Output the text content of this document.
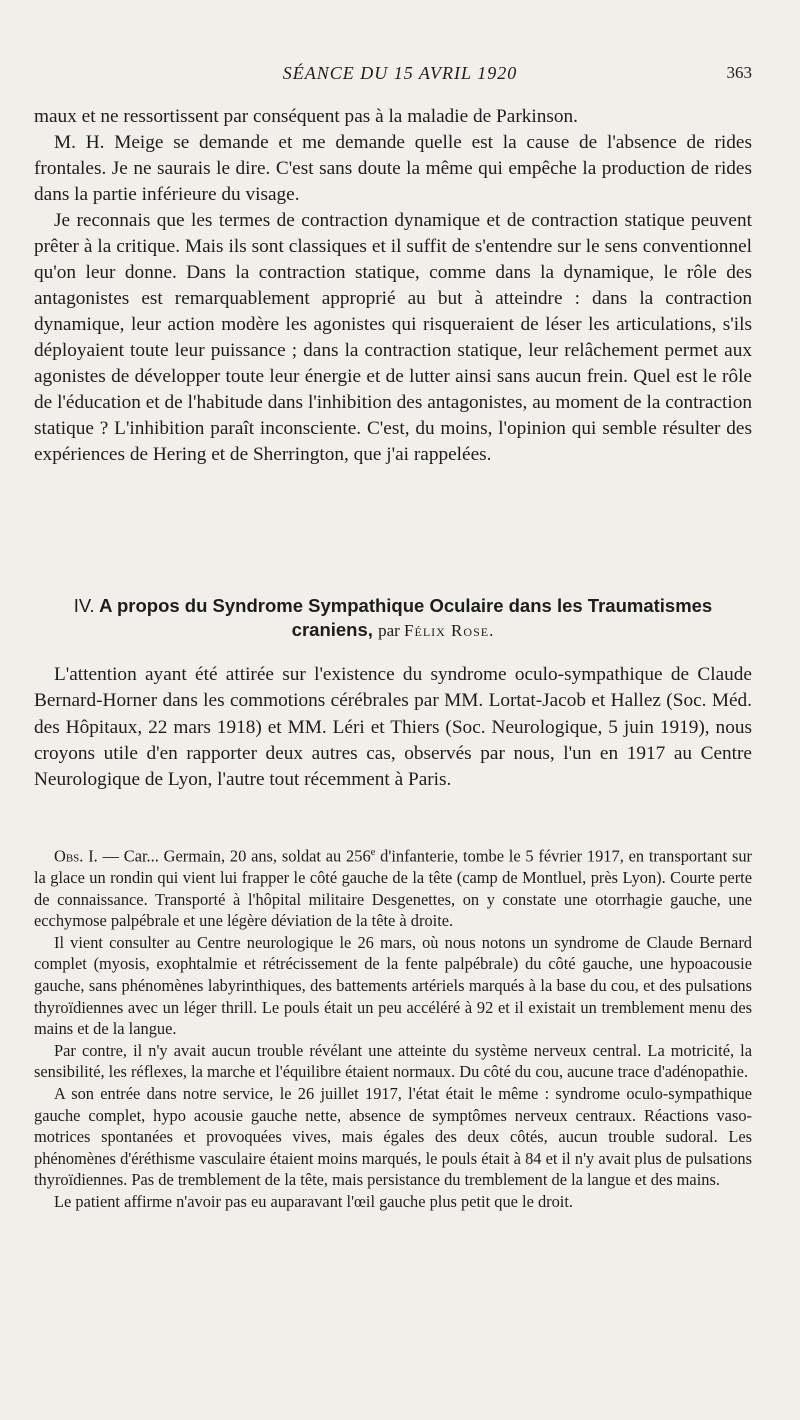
SÉANCE DU 15 AVRIL 1920	363

maux et ne ressortissent par conséquent pas à la maladie de Parkinson.

M. H. Meige se demande et me demande quelle est la cause de l'absence de rides frontales. Je ne saurais le dire. C'est sans doute la même qui empêche la production de rides dans la partie inférieure du visage.

Je reconnais que les termes de contraction dynamique et de contraction statique peuvent prêter à la critique. Mais ils sont classiques et il suffit de s'entendre sur le sens conventionnel qu'on leur donne. Dans la contraction statique, comme dans la dynamique, le rôle des antagonistes est remarquablement approprié au but à atteindre : dans la contraction dynamique, leur action modère les agonistes qui risqueraient de léser les articulations, s'ils déployaient toute leur puissance ; dans la contraction statique, leur relâchement permet aux agonistes de développer toute leur énergie et de lutter ainsi sans aucun frein. Quel est le rôle de l'éducation et de l'habitude dans l'inhibition des antagonistes, au moment de la contraction statique ? L'inhibition paraît inconsciente. C'est, du moins, l'opinion qui semble résulter des expériences de Hering et de Sherrington, que j'ai rappelées.

IV. A propos du Syndrome Sympathique Oculaire dans les Traumatismes craniens, par Félix Rose.

L'attention ayant été attirée sur l'existence du syndrome oculo-sympathique de Claude Bernard-Horner dans les commotions cérébrales par MM. Lortat-Jacob et Hallez (Soc. Méd. des Hôpitaux, 22 mars 1918) et MM. Léri et Thiers (Soc. Neurologique, 5 juin 1919), nous croyons utile d'en rapporter deux autres cas, observés par nous, l'un en 1917 au Centre Neurologique de Lyon, l'autre tout récemment à Paris.

Obs. I. — Car... Germain, 20 ans, soldat au 256e d'infanterie, tombe le 5 février 1917, en transportant sur la glace un rondin qui vient lui frapper le côté gauche de la tête (camp de Montluel, près Lyon). Courte perte de connaissance. Transporté à l'hôpital militaire Desgenettes, on y constate une otorrhagie gauche, une ecchymose palpébrale et une légère déviation de la tête à droite.

Il vient consulter au Centre neurologique le 26 mars, où nous notons un syndrome de Claude Bernard complet (myosis, exophtalmie et rétrécissement de la fente palpébrale) du côté gauche, une hypoacousie gauche, sans phénomènes labyrinthiques, des battements artériels marqués à la base du cou, et des pulsations thyroïdiennes avec un léger thrill. Le pouls était un peu accéléré à 92 et il existait un tremblement menu des mains et de la langue.

Par contre, il n'y avait aucun trouble révélant une atteinte du système nerveux central. La motricité, la sensibilité, les réflexes, la marche et l'équilibre étaient normaux. Du côté du cou, aucune trace d'adénopathie.

A son entrée dans notre service, le 26 juillet 1917, l'état était le même : syndrome oculo-sympathique gauche complet, hypo acousie gauche nette, absence de symptômes nerveux centraux. Réactions vaso-motrices spontanées et provoquées vives, mais égales des deux côtés, aucun trouble sudoral. Les phénomènes d'éréthisme vasculaire étaient moins marqués, le pouls était à 84 et il n'y avait plus de pulsations thyroïdiennes. Pas de tremblement de la tête, mais persistance du tremblement de la langue et des mains.

Le patient affirme n'avoir pas eu auparavant l'œil gauche plus petit que le droit.
